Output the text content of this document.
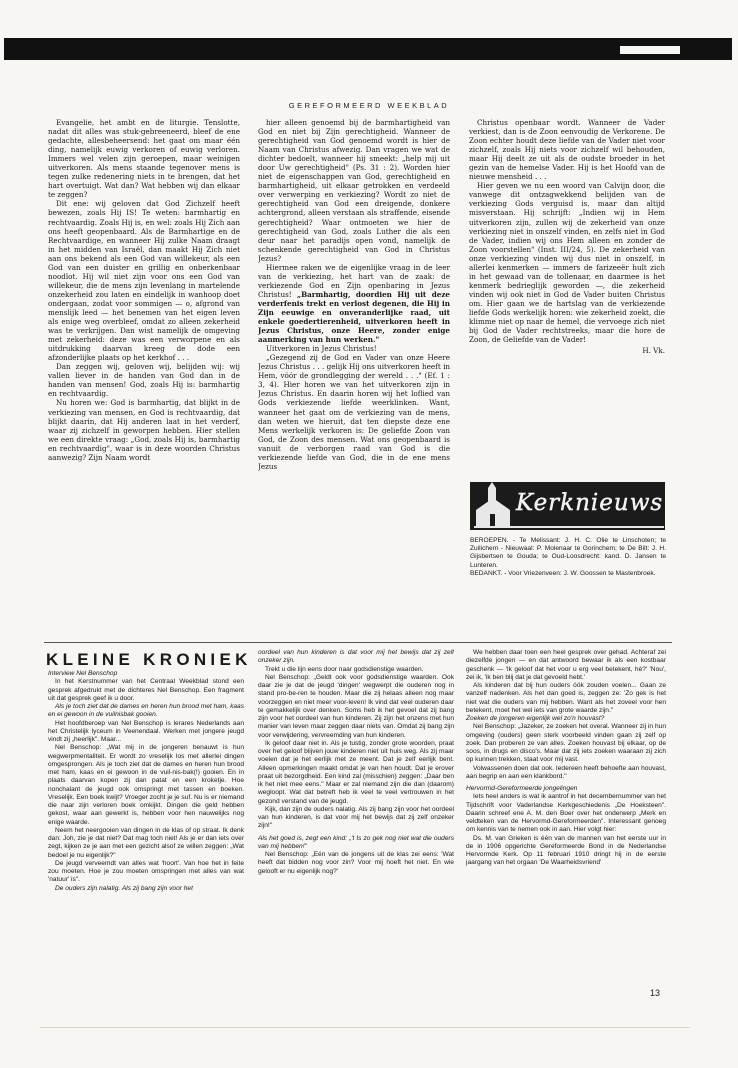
GEREFORMEERD WEEKBLAD

Evangelie, het ambt en de liturgie. Tenslotte, nadat dit alles was stuk-gebreeneerd, bleef de ene gedachte, allesbeheersend: het gaat om maar één ding, namelijk euwig verkoren of euwig verloren. Immers wel velen zijn geroepen, maar weinigen uitverkoren. Als mens staande tegenover mens is tegen zulke redenering niets in te brengen, dat het hart overtuigt. Wat dan? Wat hebben wij dan elkaar te zeggen?

Dit ene: wij geloven dat God Zichzelf heeft bewezen, zoals Hij IS! Te weten: barmhartig en rechtvaardig. Zoals Hij is, en wel: zoals Hij Zich aan ons heeft geopenbaard. Als de Barmhartige en de Rechtvaardige, en wanneer Hij zulke Naam draagt in het midden van Israël, dan maakt Hij Zich niet aan ons bekend als een God van willekeur, als een God van een duister en grillig en onberkenbaar noodlot. Hij wil niet zijn voor ons een God van willekeur, die de mens zijn levenlang in martelende onzekerheid zou laten en eindelijk in wanhoop doet ondergaan, zodat voor sommigen — o, afgrond van menslijk leed — het benemen van het eigen leven als enige weg overbleef, omdat zo alleen zekerheid was te verkrijgen. Dan wist namelijk de omgeving met zekerheid: deze was een verworpene en als uitdrukking daarvan kreeg de dode een afzonderlijke plaats op het kerkhof . . .

Dan zeggen wij, geloven wij, belijden wij: wij vallen liever in de handen van God dan in de handen van mensen! God, zoals Hij is: barmhartig en rechtvaardig.

Nu horen we: God is barmhartig, dat blijkt in de verkiezing van mensen, en God is rechtvaardig, dat blijkt daarin, dat Hij anderen laat in het verderf, waar zij zichzelf in geworpen hebben. Hier stellen we een direkte vraag: „God, zoals Hij is, barmhartig en rechtvaardig", waar is in deze woorden Christus aanwezig? Zijn Naam wordt

hier alleen genoemd bij de barmhartigheid van God en niet bij Zijn gerechtigheid. Wanneer de gerechtigheid van God genoemd wordt is hier de Naam van Christus afwezig. Dan vragen we wat de dichter bedoelt, wanneer hij smeekt: „help mij uit door Uw gerechtigheid" (Ps. 31 : 2). Worden hier niet de eigenschappen van God, gerechtigheid en barmhartigheid, uit elkaar getrokken en verdeeld over verwerping en verkiezing? Wordt zo niet de gerechtigheid van God een dreigende, donkere achtergrond, alleen verstaan als straffende, eisende gerechtigheid? Waar ontmoeten we hier de gerechtigheid van God, zoals Luther die als een deur naar het paradijs open vond, namelijk de schenkende gerechtigheid van God in Christus Jezus?

Hiermee raken we de eigenlijke vraag in de leer van de verkiezing, het hart van de zaak: de verkiezende God en Zijn openbaring in Jezus Christus! „Barmhartig, doordien Hij uit deze verderfenis trekt en verlost degenen, die Hij in Zijn eeuwige en onveranderlijke raad, uit enkele goedertierenheid, uitverkoren heeft in Jezus Christus, onze Heere, zonder enige aanmerking van hun werken."

Uitverkoren in Jezus Christus!

„Gezegend zij de God en Vader van onze Heere Jezus Christus . . . gelijk Hij ons uitverkoren heeft in Hem, vóór de grondlegging der wereld . . ." (Ef. 1 : 3, 4). Hier horen we van het uitverkoren zijn in Jezus Christus. En daarin horen wij het loflied van Gods verkiezende liefde weerklinken. Want, wanneer het gaat om de verkiezing van de mens, dan weten we hieruit, dat ten diepste deze ene Mens werkelijk verkoren is: De geliefde Zoon van God, de Zoon des mensen. Wat ons geopenbaard is vanuit de verborgen raad van God is die verkiezende liefde van God, die in de ene mens Jezus

Christus openbaar wordt. Wanneer de Vader verkiest, dan is de Zoon eenvoudig de Verkorene. De Zoon echter houdt deze liefde van de Vader niet voor zichzelf, zoals Hij niets voor zichzelf wil behouden, maar Hij deelt ze uit als de oudste broeder in het gezin van de hemelse Vader. Hij is het Hoofd van de nieuwe mensheid . . .

Hier geven we nu een woord van Calvijn door, die vanwege dit ontzagwekkend belijden van de verkiezing Gods verguisd is, maar dan altijd misverstaan. Hij schrijft: „Indien wij in Hem uitverkoren zijn, zullen wij de zekerheid van onze verkiezing niet in onszelf vinden, en zelfs niet in God de Vader, indien wij ons Hem alleen en zonder de Zoon voorstellen" (Inst. III/24, 5). De zekerheid van onze verkiezing vinden wij dus niet in onszelf, in allerlei kenmerken — immers de farizeeër hult zich in het gewaad van de tollenaar, en daarmee is het kenmerk bedrieglijk geworden —, die zekerheid vinden wij ook niet in God de Vader buiten Christus om. Hier gaan we de hartslag van de verkiezende liefde Gods werkelijk horen: wie zekerheid zoekt, die klimme niet op naar de hemel, die vervoege zich niet bij God de Vader rechtstreeks, maar die hore de Zoon, de Geliefde van de Vader!

H. Vk.
Kerknieuws
BEROEPEN. - Te Melissant: J. H. C. Olie te Linschoten; te Zuilichem - Nieuwaal: P. Molenaar te Gorinchem; te De Bilt: J. H. Gijsbertsen te Gouda; te Oud-Loosdrecht: kand. D. Jansen te Lunteren.
BEDANKT. - Voor Vriezenveen: J. W. Goossen te Mastenbroek.
KLEINE KRONIEK

Interview Nel Benschop

In het Kerstnummer van het Centraal Weekblad stond een gesprek afgedrukt met de dichteres Nel Benschop. Een fragment uit dat gesprek geef ik u door.

Als je toch ziet dat de dames en heren hun brood met ham, kaas en ei gewoon in de vuilnisbak gooien.

Het hoofdberoep van Nel Benschop is lerares Nederlands aan het Christelijk lyceum in Veenendaal. Werken met jongere jeugd vindt zij „heerlijk". Maar...

Nel Benschop: „Wat mij in de jongeren benauwt is hun wegwerpmentaliteit. Er wordt zo vreselijk los met allerlei dingen omgesprongen. Als je toch ziet dat de dames en heren hun brood met ham, kaas en ei gewoon in de vuil-nis-bak(!) gooien. En in plaats daarvan kopen zij dan patat en een kroketje. Hoe nonchalant de jeugd ook omspringt met tassen en boeken. Vreselijk. Een boek kwijt? Vroeger zocht je je suf. Nu is er niemand die naar zijn verloren boek omkijkt. Dingen die geld hebben gekost, waar aan gewerkt is, hebben voor hen nauwelijks nog enige waarde.

Neem het neergooien van dingen in de klas of op straat. Ik denk dan: Joh, zie je dat niet? Dat mag toch niet! Als je er dan iets over zegt, kijken ze je aan met een gezicht alsof ze willen zeggen: „Wat bedoel je nu eigenlijk?"

De jeugd verveemdt van alles wat 'hoort'. Van hoe het in feite zou moeten. Hoe je zou moeten omspringen met alles van wat 'natuur' is".

De ouders zijn nalatig. Als zij bang zijn voor het

oordeel van hun kinderen is dat voor mij het bewijs dat zij zelf onzeker zijn.

Trekt u die lijn eens door naar godsdienstige waarden.

Nel Benschop: „Geldt ook voor godsdienstige waarden. Ook daar zie je dat de jeugd 'dingen' wegwerpt die ouderen nog in stand pro-be-ren te houden. Maar die zij helaas alleen nog maar voorzeggen en niet meer voor-leven! Ik vind dat veel ouderen daar te gemakkelijk over denken. Soms heb ik het gevoel dat zij bang zijn voor het oordeel van hun kinderen. Zij zijn het onzens met hun manier van leven maar zeggen daar niets van. Omdat zij bang zijn voor verwijdering, vervreemding van hun kinderen.

Ik geloof daar niet in. Als je tustig, zonder grote woorden, praat over het geloof blijven jouw kinderen niet uit huis weg. Als zij maar voelen dat je het eerlijk met ze meent. Dat je zelf eerlijk bent. Alleen opmerkingen maakt omdat je van hen houdt. Dat je erover praat uit bezorgdheid. Een kind zal (misschien) zeggen: „Daar ben ik het niet mee eens." Maar er zal niemand zijn die dan (daarom) wegloopt. Wat dat betreft heb ik veel te veel vertrouwen in het gezond verstand van de jeugd.

Kijk, dan zijn de ouders nalatig. Als zij bang zijn voor het oordeel van hun kinderen, is dat voor mij het bewijs dat zij zelf onzeker zijn!"

Als het goed is, zegt een kind: „'t Is zo gek nog niet wat die ouders van mij hebben!"

Nel Benschop: „Eén van de jongens uit de klas zei eens: 'Wat heeft dat bidden nog voor zin? Voor mij hoeft het niet. En wie gelooft er nu eigenlijk nog?'

We hebben daar toen een heel gesprek over gehad. Achteraf zei diezelfde jongen — en dat antwoord bewaar ik als een kostbaar geschenk — 'Ik geloof dat het voor u erg veel betekent, hè?' 'Nou', zei ik, 'ik ben blij dat je dat gevoeld hebt.'

Als kinderen dat bij hun ouders óók zouden voelen... Gaan ze vanzelf nadenken. Als het dan goed is, zeggen ze: 'Zo gek is het niet wat die ouders van mij hebben. Want als het zoveel voor hen betekent, moet het wel iets van grote waarde zijn."

Zoeken de jongeren eigenlijk wel zo'n houvast?

Nel Benschop: „Jazeker, ze zoeken het overal. Wanneer zij in hun omgeving (ouders) geen sterk voorbeeld vinden gaan zij zelf op zoek. Dan proberen ze van alles. Zoeken houvast bij elkaar, op de soos, in drugs en disco's. Maar dat zij iets zoeken waaraan zij zich op kunnen trekken, staat voor mij vast.

Volwassenen doen dat ook. Iedereen heeft behoefte aan houvast, aan begrip en aan een klankbord."

Hervormd-Gereformeerde jongelingen

Iets heel anders is wat ik aantrof in het decembernummer van het Tijdschrift voor Vaderlandse Kerkgeschiedenis „De Hoeksteen". Daarin schreef ene A. M. den Boer over het onderwerp „Merk en veldteken van de Hervormd-Gereformeerden". Interessant genoeg om kennis van te nemen ook in aan. Hier volgt hier:

Ds. M. van Grieken is één van de mannen van het eerste uur in de in 1906 opgerichte Gereformeerde Bond in de Nederlandse Hervormde Kerk. Op 11 februari 1910 dringt hij in de eerste jaargang van het orgaan 'De Waarheidsvriend'

13
